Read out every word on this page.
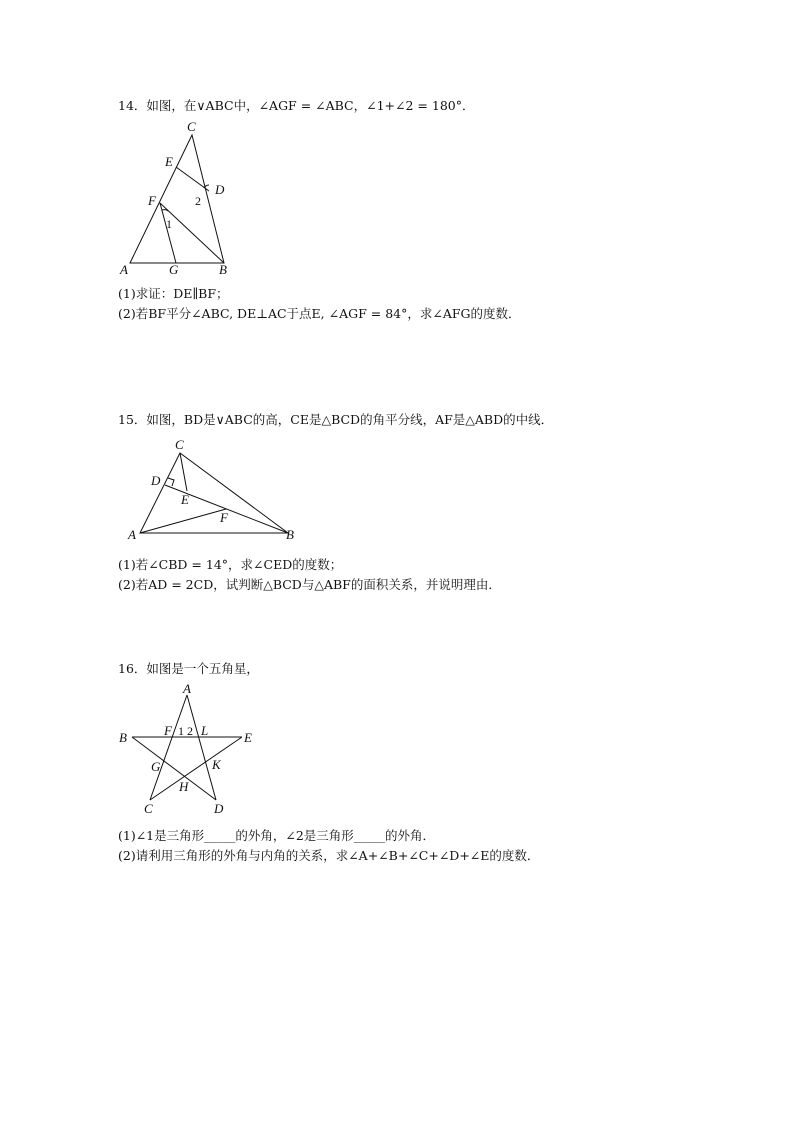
14．如图，在∨ABC中，∠AGF = ∠ABC，∠1+∠2 = 180°．
C
E
D
2
F
1
A	G	B
(1)求证：DE∥BF；
(2)若BF平分∠ABC, DE⊥AC于点E, ∠AGF = 84°，求∠AFG的度数．
15．如图，BD是∨ABC的高，CE是△BCD的角平分线，AF是△ABD的中线．
C
D
E
F
A	B
(1)若∠CBD = 14°，求∠CED的度数；
(2)若AD = 2CD，试判断△BCD与△ABF的面积关系，并说明理由．
16．如图是一个五角星，
A
B	E
F 1 2 L
G	K
H
C	D
(1)∠1是三角形_____的外角，∠2是三角形_____的外角．
(2)请利用三角形的外角与内角的关系，求∠A+∠B+∠C+∠D+∠E的度数．
